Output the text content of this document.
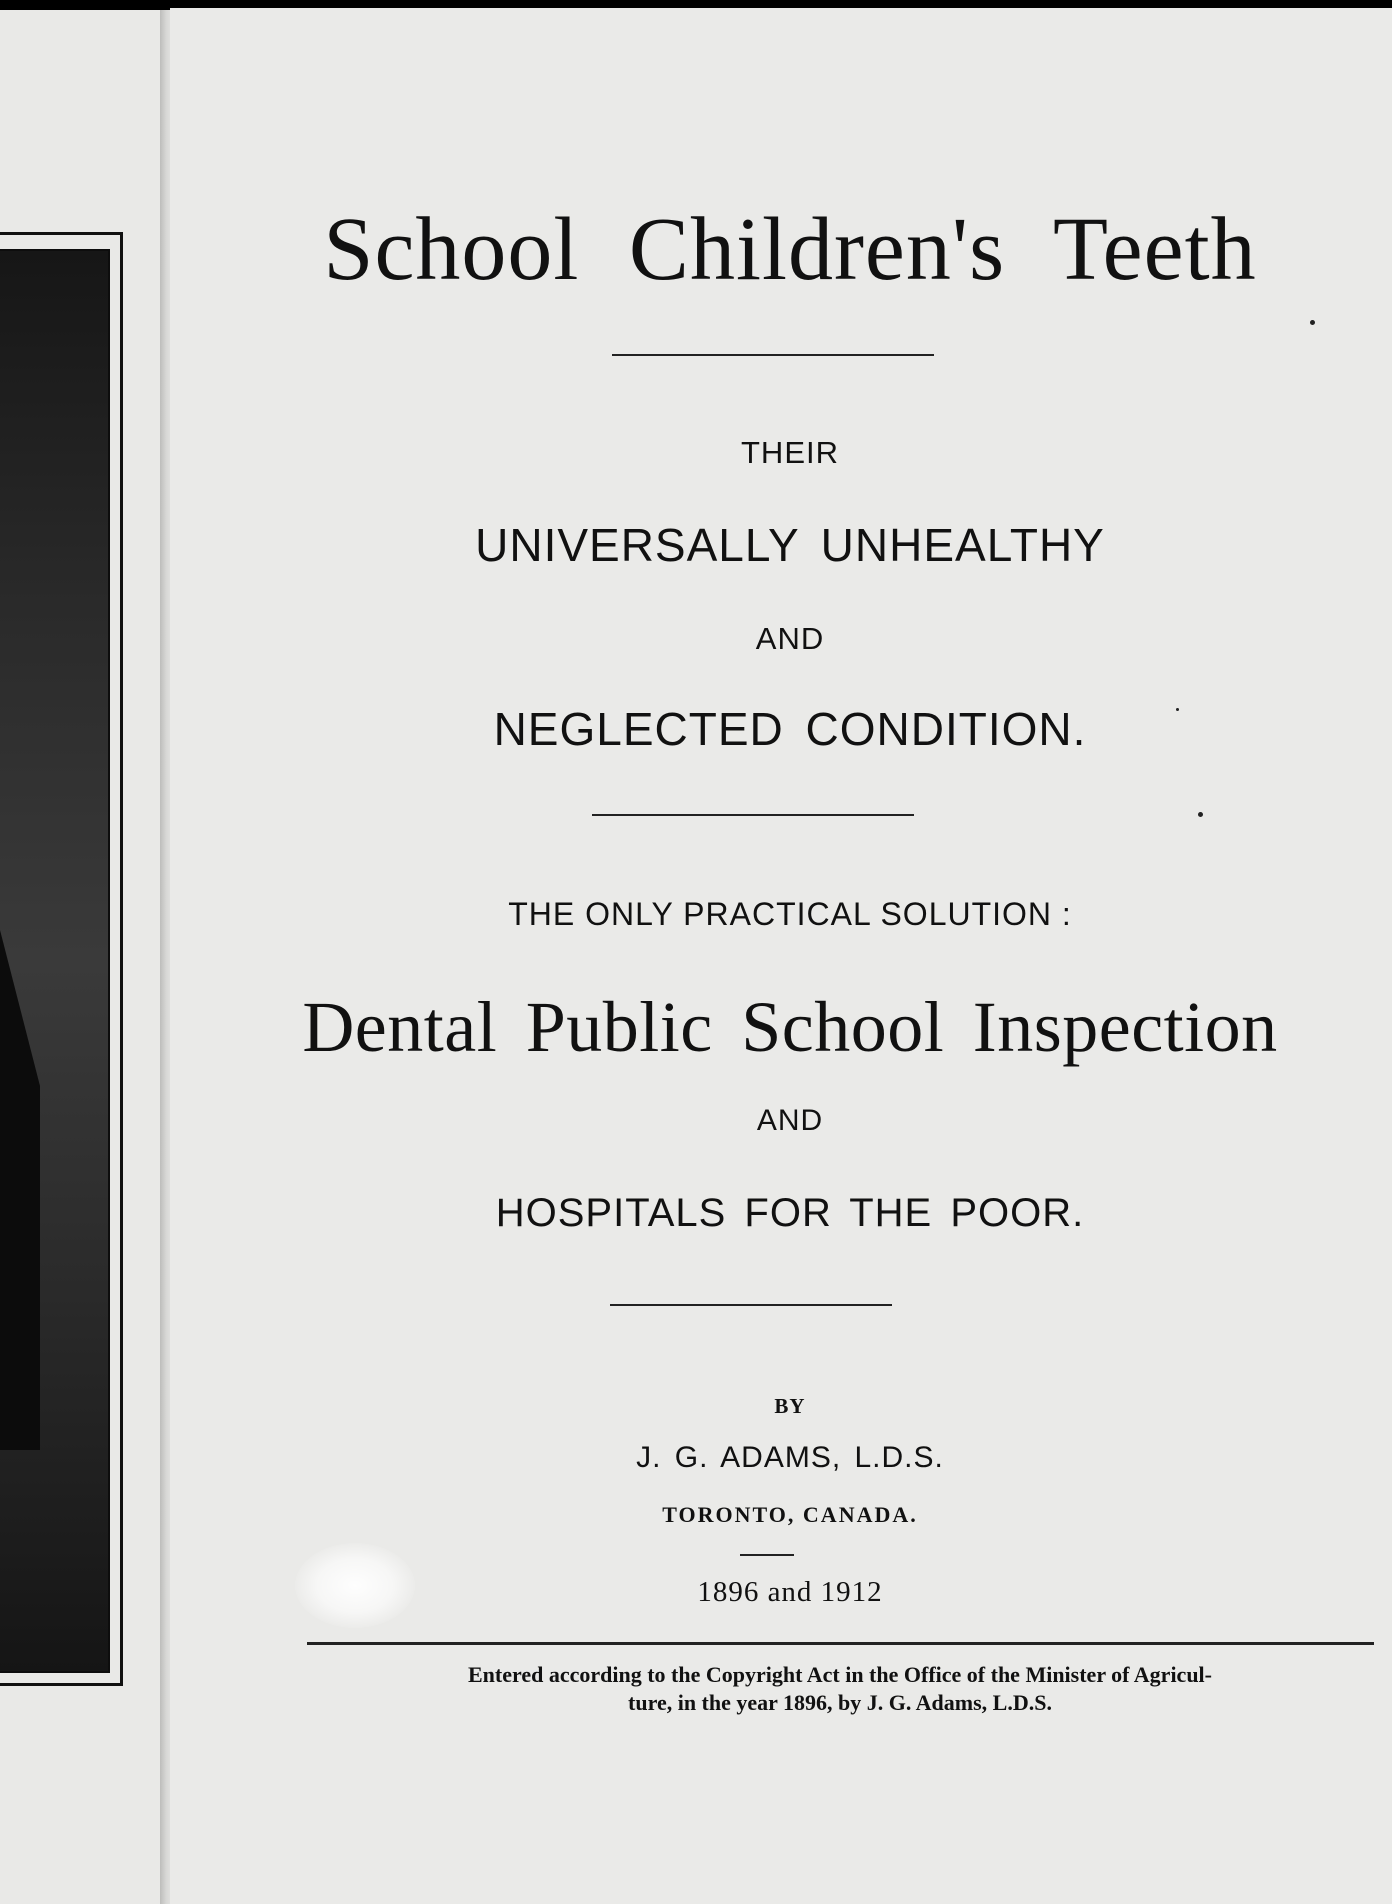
School Children's Teeth
THEIR
UNIVERSALLY UNHEALTHY
AND
NEGLECTED CONDITION.
THE ONLY PRACTICAL SOLUTION :
Dental Public School Inspection
AND
HOSPITALS FOR THE POOR.
BY
J. G. ADAMS, L.D.S.
TORONTO, CANADA.
1896 and 1912
Entered according to the Copyright Act in the Office of the Minister of Agricul-
ture, in the year 1896, by J. G. Adams, L.D.S.
